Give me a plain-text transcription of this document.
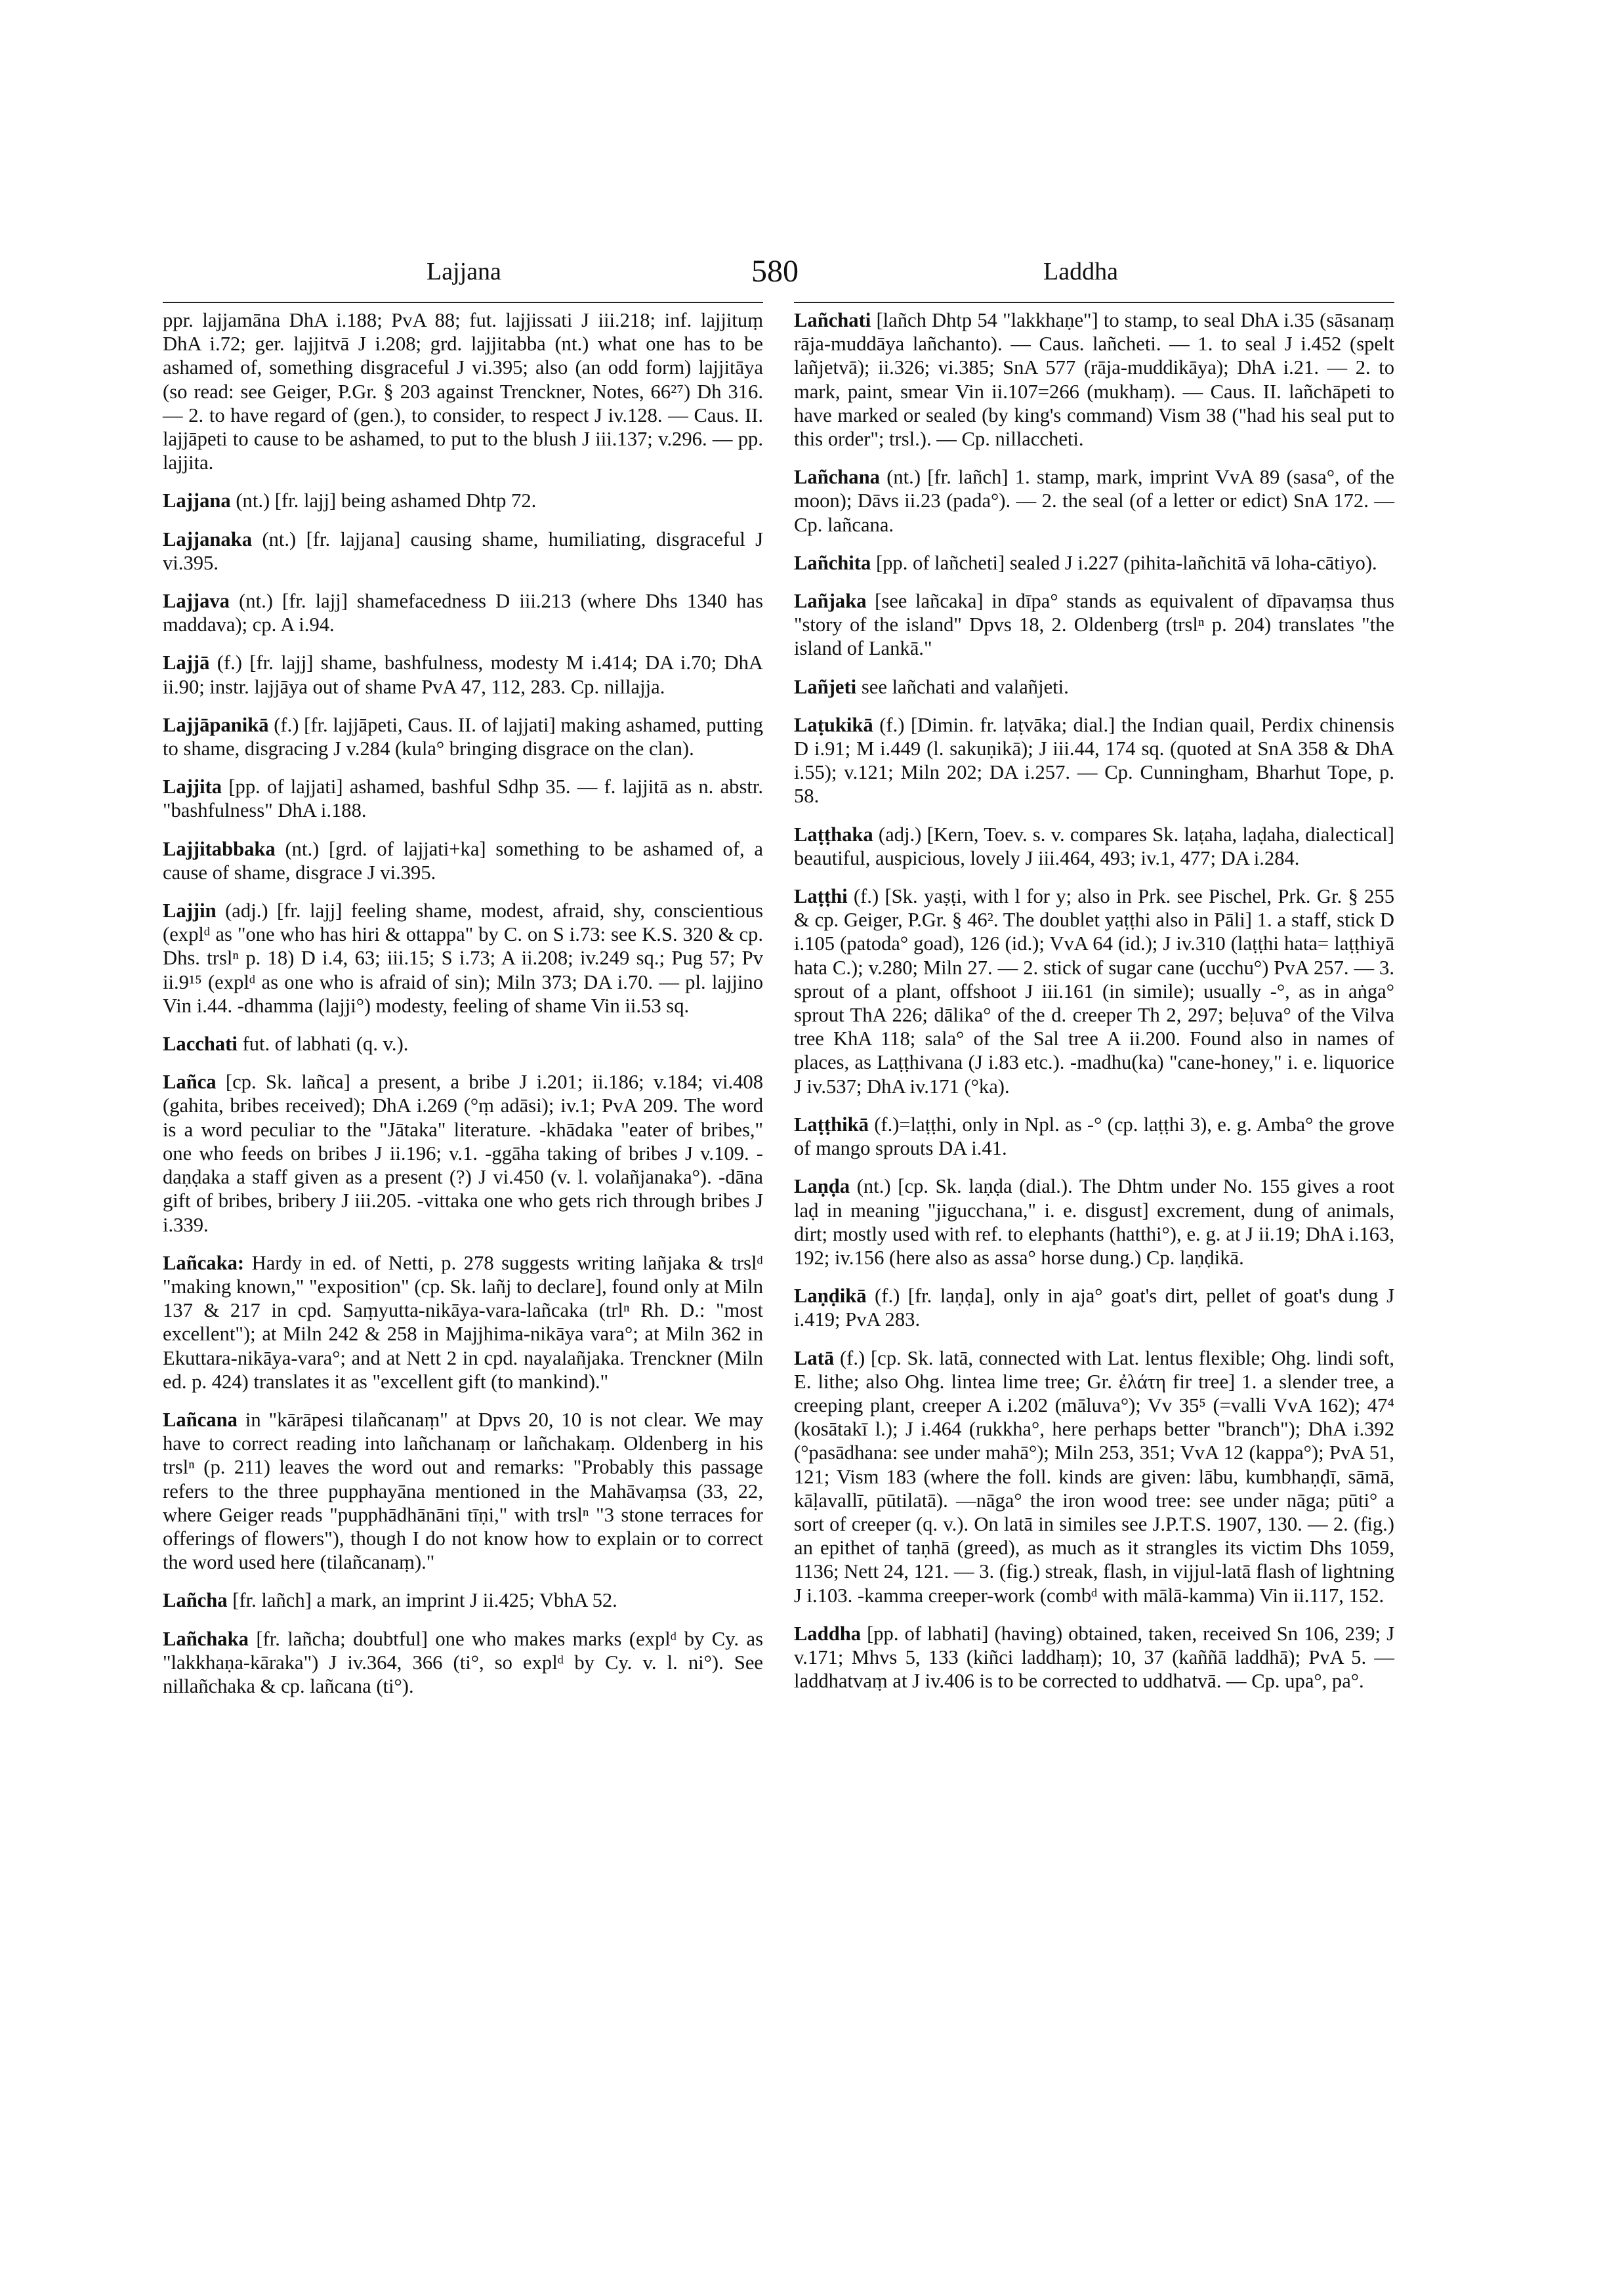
Lajjana	580	Laddha
ppr. lajjamāna DhA i.188; PvA 88; fut. lajjissati J iii.218; inf. lajjituṃ DhA i.72; ger. lajjitvā J i.208; grd. lajjitabba (nt.) what one has to be ashamed of, something disgraceful J vi.395; also (an odd form) lajjitāya (so read: see Geiger, P.Gr. § 203 against Trenckner, Notes, 66²⁷) Dh 316. — 2. to have regard of (gen.), to consider, to respect J iv.128. — Caus. II. lajjāpeti to cause to be ashamed, to put to the blush J iii.137; v.296. — pp. lajjita.
Lajjana (nt.) [fr. lajj] being ashamed Dhtp 72.
Lajjanaka (nt.) [fr. lajjana] causing shame, humiliating, disgraceful J vi.395.
Lajjava (nt.) [fr. lajj] shamefacedness D iii.213 (where Dhs 1340 has maddava); cp. A i.94.
Lajjā (f.) [fr. lajj] shame, bashfulness, modesty M i.414; DA i.70; DhA ii.90; instr. lajjāya out of shame PvA 47, 112, 283. Cp. nillajja.
Lajjāpanikā (f.) [fr. lajjāpeti, Caus. II. of lajjati] making ashamed, putting to shame, disgracing J v.284 (kula° bringing disgrace on the clan).
Lajjita [pp. of lajjati] ashamed, bashful Sdhp 35. — f. lajjitā as n. abstr. "bashfulness" DhA i.188.
Lajjitabbaka (nt.) [grd. of lajjati+ka] something to be ashamed of, a cause of shame, disgrace J vi.395.
Lajjin (adj.) [fr. lajj] feeling shame, modest, afraid, shy, conscientious (explᵈ as "one who has hiri & ottappa" by C. on S i.73: see K.S. 320 & cp. Dhs. trslⁿ p. 18) D i.4, 63; iii.15; S i.73; A ii.208; iv.249 sq.; Pug 57; Pv ii.9¹⁵ (explᵈ as one who is afraid of sin); Miln 373; DA i.70. — pl. lajjino Vin i.44. -dhamma (lajji°) modesty, feeling of shame Vin ii.53 sq.
Lacchati fut. of labhati (q. v.).
Lañca [cp. Sk. lañca] a present, a bribe J i.201; ii.186; v.184; vi.408 (gahita, bribes received); DhA i.269 (°ṃ adāsi); iv.1; PvA 209. The word is a word peculiar to the "Jātaka" literature. -khādaka "eater of bribes," one who feeds on bribes J ii.196; v.1. -ggāha taking of bribes J v.109. -daṇḍaka a staff given as a present (?) J vi.450 (v. l. volañjanaka°). -dāna gift of bribes, bribery J iii.205. -vittaka one who gets rich through bribes J i.339.
Lañcaka: Hardy in ed. of Netti, p. 278 suggests writing lañjaka & trslᵈ "making known," "exposition" (cp. Sk. lañj to declare], found only at Miln 137 & 217 in cpd. Saṃyutta-nikāya-vara-lañcaka (trlⁿ Rh. D.: "most excellent"); at Miln 242 & 258 in Majjhima-nikāya vara°; at Miln 362 in Ekuttara-nikāya-vara°; and at Nett 2 in cpd. nayalañjaka. Trenckner (Miln ed. p. 424) translates it as "excellent gift (to mankind)."
Lañcana in "kārāpesi tilañcanaṃ" at Dpvs 20, 10 is not clear. We may have to correct reading into lañchanaṃ or lañchakaṃ. Oldenberg in his trslⁿ (p. 211) leaves the word out and remarks: "Probably this passage refers to the three pupphayāna mentioned in the Mahāvaṃsa (33, 22, where Geiger reads "pupphādhānāni tīṇi," with trslⁿ "3 stone terraces for offerings of flowers"), though I do not know how to explain or to correct the word used here (tilañcanaṃ)."
Lañcha [fr. lañch] a mark, an imprint J ii.425; VbhA 52.
Lañchaka [fr. lañcha; doubtful] one who makes marks (explᵈ by Cy. as "lakkhaṇa-kāraka") J iv.364, 366 (ti°, so explᵈ by Cy. v. l. ni°). See nillañchaka & cp. lañcana (ti°).
Lañchati [lañch Dhtp 54 "lakkhaṇe"] to stamp, to seal DhA i.35 (sāsanaṃ rāja-muddāya lañchanto). — Caus. lañcheti. — 1. to seal J i.452 (spelt lañjetvā); ii.326; vi.385; SnA 577 (rāja-muddikāya); DhA i.21. — 2. to mark, paint, smear Vin ii.107=266 (mukhaṃ). — Caus. II. lañchāpeti to have marked or sealed (by king's command) Vism 38 ("had his seal put to this order"; trsl.). — Cp. nillaccheti.
Lañchana (nt.) [fr. lañch] 1. stamp, mark, imprint VvA 89 (sasa°, of the moon); Dāvs ii.23 (pada°). — 2. the seal (of a letter or edict) SnA 172. — Cp. lañcana.
Lañchita [pp. of lañcheti] sealed J i.227 (pihita-lañchitā vā loha-cātiyo).
Lañjaka [see lañcaka] in dīpa° stands as equivalent of dīpavaṃsa thus "story of the island" Dpvs 18, 2. Oldenberg (trslⁿ p. 204) translates "the island of Lankā."
Lañjeti see lañchati and valañjeti.
Laṭukikā (f.) [Dimin. fr. laṭvāka; dial.] the Indian quail, Perdix chinensis D i.91; M i.449 (l. sakuṇikā); J iii.44, 174 sq. (quoted at SnA 358 & DhA i.55); v.121; Miln 202; DA i.257. — Cp. Cunningham, Bharhut Tope, p. 58.
Laṭṭhaka (adj.) [Kern, Toev. s. v. compares Sk. laṭaha, laḍaha, dialectical] beautiful, auspicious, lovely J iii.464, 493; iv.1, 477; DA i.284.
Laṭṭhi (f.) [Sk. yaṣṭi, with l for y; also in Prk. see Pischel, Prk. Gr. § 255 & cp. Geiger, P.Gr. § 46². The doublet yaṭṭhi also in Pāli] 1. a staff, stick D i.105 (patoda° goad), 126 (id.); VvA 64 (id.); J iv.310 (laṭṭhi hata= laṭṭhiyā hata C.); v.280; Miln 27. — 2. stick of sugar cane (ucchu°) PvA 257. — 3. sprout of a plant, offshoot J iii.161 (in simile); usually -°, as in aṅga° sprout ThA 226; dālika° of the d. creeper Th 2, 297; beḷuva° of the Vilva tree KhA 118; sala° of the Sal tree A ii.200. Found also in names of places, as Laṭṭhivana (J i.83 etc.). -madhu(ka) "cane-honey," i. e. liquorice J iv.537; DhA iv.171 (°ka).
Laṭṭhikā (f.)=laṭṭhi, only in Npl. as -° (cp. laṭṭhi 3), e. g. Amba° the grove of mango sprouts DA i.41.
Laṇḍa (nt.) [cp. Sk. laṇḍa (dial.). The Dhtm under No. 155 gives a root laḍ in meaning "jigucchana," i. e. disgust] excrement, dung of animals, dirt; mostly used with ref. to elephants (hatthi°), e. g. at J ii.19; DhA i.163, 192; iv.156 (here also as assa° horse dung.) Cp. laṇḍikā.
Laṇḍikā (f.) [fr. laṇḍa], only in aja° goat's dirt, pellet of goat's dung J i.419; PvA 283.
Latā (f.) [cp. Sk. latā, connected with Lat. lentus flexible; Ohg. lindi soft, E. lithe; also Ohg. lintea lime tree; Gr. ἐλάτη fir tree] 1. a slender tree, a creeping plant, creeper A i.202 (māluva°); Vv 35⁵ (=valli VvA 162); 47⁴ (kosātakī l.); J i.464 (rukkha°, here perhaps better "branch"); DhA i.392 (°pasādhana: see under mahā°); Miln 253, 351; VvA 12 (kappa°); PvA 51, 121; Vism 183 (where the foll. kinds are given: lābu, kumbhaṇḍī, sāmā, kāḷavallī, pūtilatā). —nāga° the iron wood tree: see under nāga; pūti° a sort of creeper (q. v.). On latā in similes see J.P.T.S. 1907, 130. — 2. (fig.) an epithet of taṇhā (greed), as much as it strangles its victim Dhs 1059, 1136; Nett 24, 121. — 3. (fig.) streak, flash, in vijjul-latā flash of lightning J i.103. -kamma creeper-work (combᵈ with mālā-kamma) Vin ii.117, 152.
Laddha [pp. of labhati] (having) obtained, taken, received Sn 106, 239; J v.171; Mhvs 5, 133 (kiñci laddhaṃ); 10, 37 (kaññā laddhā); PvA 5. —laddhatvaṃ at J iv.406 is to be corrected to uddhatvā. — Cp. upa°, pa°.
